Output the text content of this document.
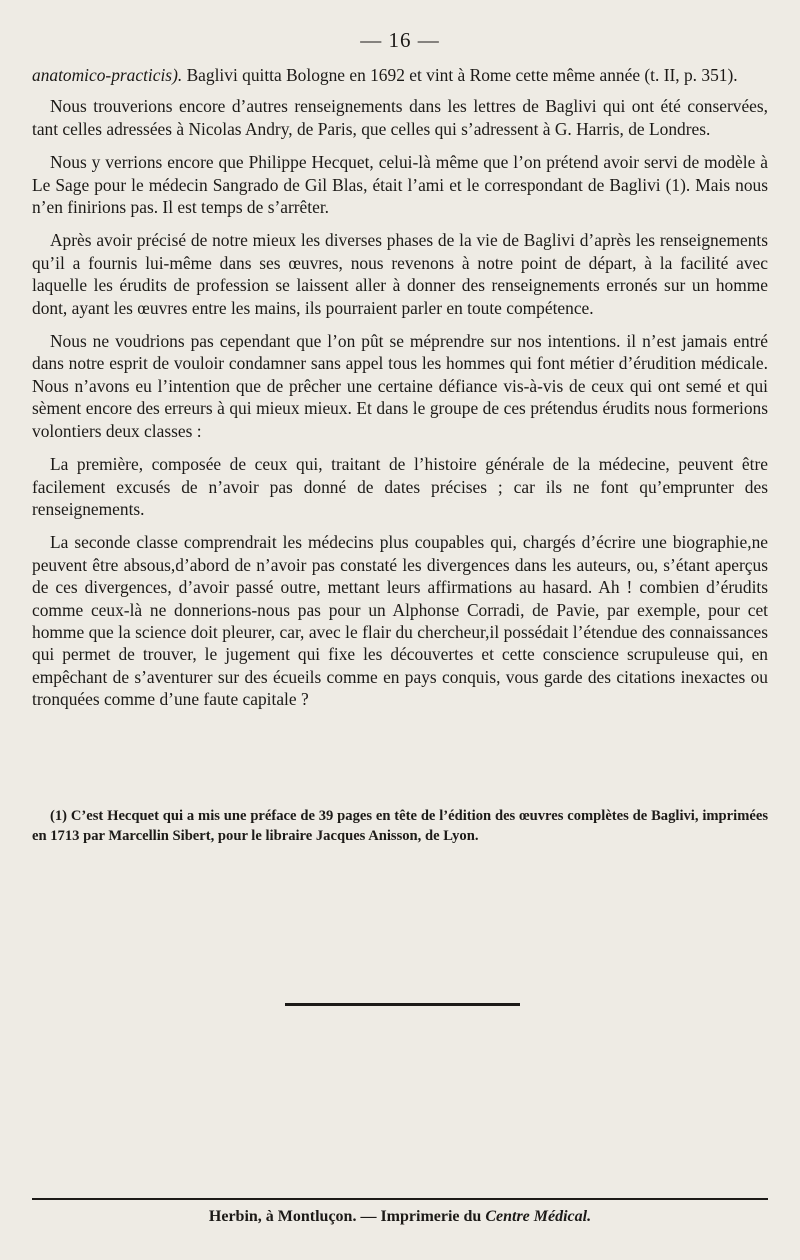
— 16 —

anatomico-practicis). Baglivi quitta Bologne en 1692 et vint à Rome cette même année (t. II, p. 351).

Nous trouverions encore d’autres renseignements dans les lettres de Baglivi qui ont été conservées, tant celles adressées à Nicolas Andry, de Paris, que celles qui s’adressent à G. Harris, de Londres.

Nous y verrions encore que Philippe Hecquet, celui-là même que l’on prétend avoir servi de modèle à Le Sage pour le médecin Sangrado de Gil Blas, était l’ami et le correspondant de Baglivi (1). Mais nous n’en finirions pas. Il est temps de s’arrêter.

Après avoir précisé de notre mieux les diverses phases de la vie de Baglivi d’après les renseignements qu’il a fournis lui-même dans ses œuvres, nous revenons à notre point de départ, à la facilité avec laquelle les érudits de profession se laissent aller à donner des renseignements erronés sur un homme dont, ayant les œuvres entre les mains, ils pourraient parler en toute compétence.

Nous ne voudrions pas cependant que l’on pût se méprendre sur nos intentions. il n’est jamais entré dans notre esprit de vouloir condamner sans appel tous les hommes qui font métier d’érudition médicale. Nous n’avons eu l’intention que de prêcher une certaine défiance vis-à-vis de ceux qui ont semé et qui sèment encore des erreurs à qui mieux mieux. Et dans le groupe de ces prétendus érudits nous formerions volontiers deux classes :

La première, composée de ceux qui, traitant de l’histoire générale de la médecine, peuvent être facilement excusés de n’avoir pas donné de dates précises ; car ils ne font qu’emprunter des renseignements.

La seconde classe comprendrait les médecins plus coupables qui, chargés d’écrire une biographie,ne peuvent être absous,d’abord de n’avoir pas constaté les divergences dans les auteurs, ou, s’étant aperçus de ces divergences, d’avoir passé outre, mettant leurs affirmations au hasard. Ah ! combien d’érudits comme ceux-là ne donnerions-nous pas pour un Alphonse Corradi, de Pavie, par exemple, pour cet homme que la science doit pleurer, car, avec le flair du chercheur,il possédait l’étendue des connaissances qui permet de trouver, le jugement qui fixe les découvertes et cette conscience scrupuleuse qui, en empêchant de s’aventurer sur des écueils comme en pays conquis, vous garde des citations inexactes ou tronquées comme d’une faute capitale ?

(1) C’est Hecquet qui a mis une préface de 39 pages en tête de l’édition des œuvres complètes de Baglivi, imprimées en 1713 par Marcellin Sibert, pour le libraire Jacques Anisson, de Lyon.

Herbin, à Montluçon. — Imprimerie du Centre Médical.
